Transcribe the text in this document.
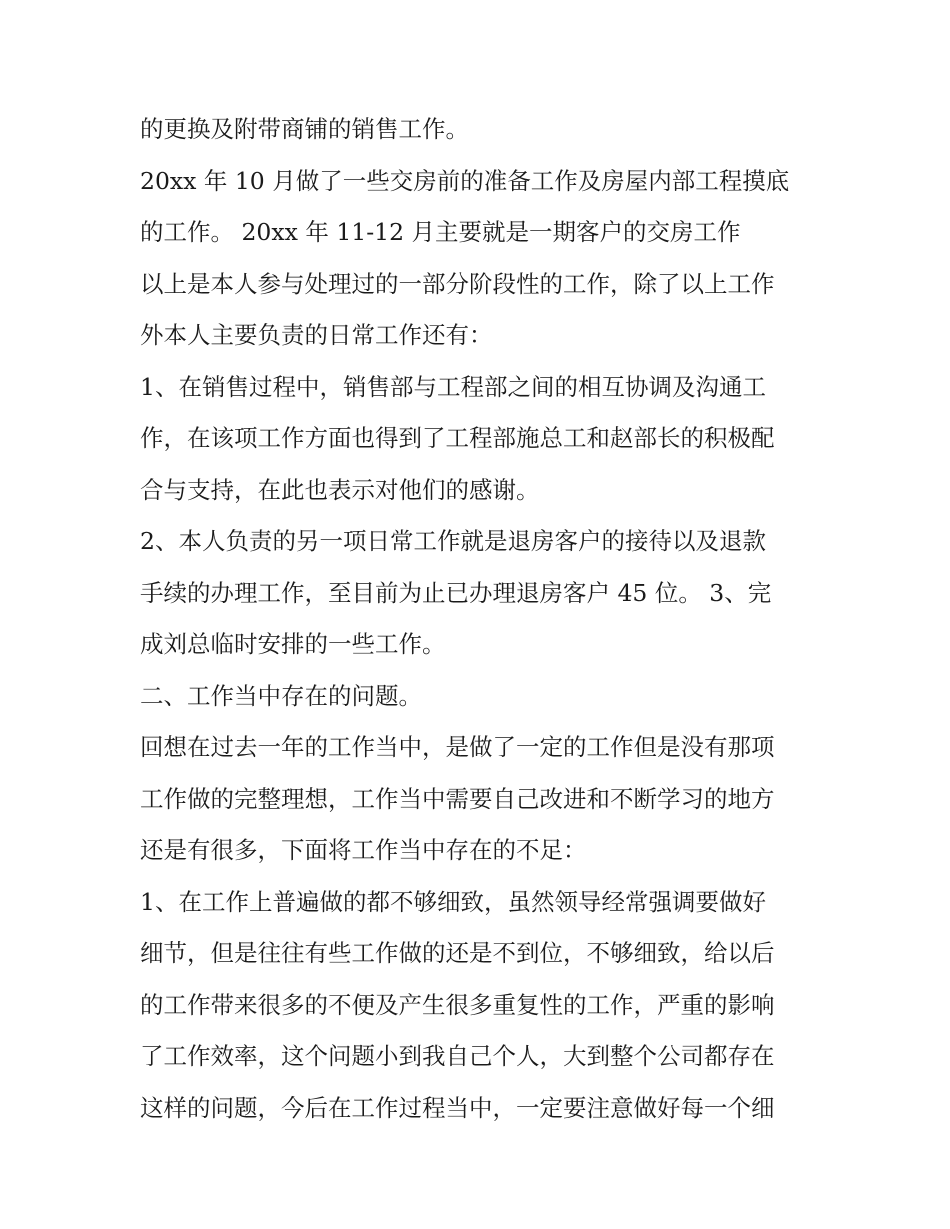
的更换及附带商铺的销售工作。
20xx 年 10 月做了一些交房前的准备工作及房屋内部工程摸底
的工作。 20xx 年 11-12 月主要就是一期客户的交房工作
以上是本人参与处理过的一部分阶段性的工作，除了以上工作
外本人主要负责的日常工作还有：
1、在销售过程中，销售部与工程部之间的相互协调及沟通工
作，在该项工作方面也得到了工程部施总工和赵部长的积极配
合与支持，在此也表示对他们的感谢。
2、本人负责的另一项日常工作就是退房客户的接待以及退款
手续的办理工作，至目前为止已办理退房客户 45 位。 3、完
成刘总临时安排的一些工作。
二、工作当中存在的问题。
回想在过去一年的工作当中，是做了一定的工作但是没有那项
工作做的完整理想，工作当中需要自己改进和不断学习的地方
还是有很多，下面将工作当中存在的不足：
1、在工作上普遍做的都不够细致，虽然领导经常强调要做好
细节，但是往往有些工作做的还是不到位，不够细致，给以后
的工作带来很多的不便及产生很多重复性的工作，严重的影响
了工作效率，这个问题小到我自己个人，大到整个公司都存在
这样的问题，今后在工作过程当中，一定要注意做好每一个细
